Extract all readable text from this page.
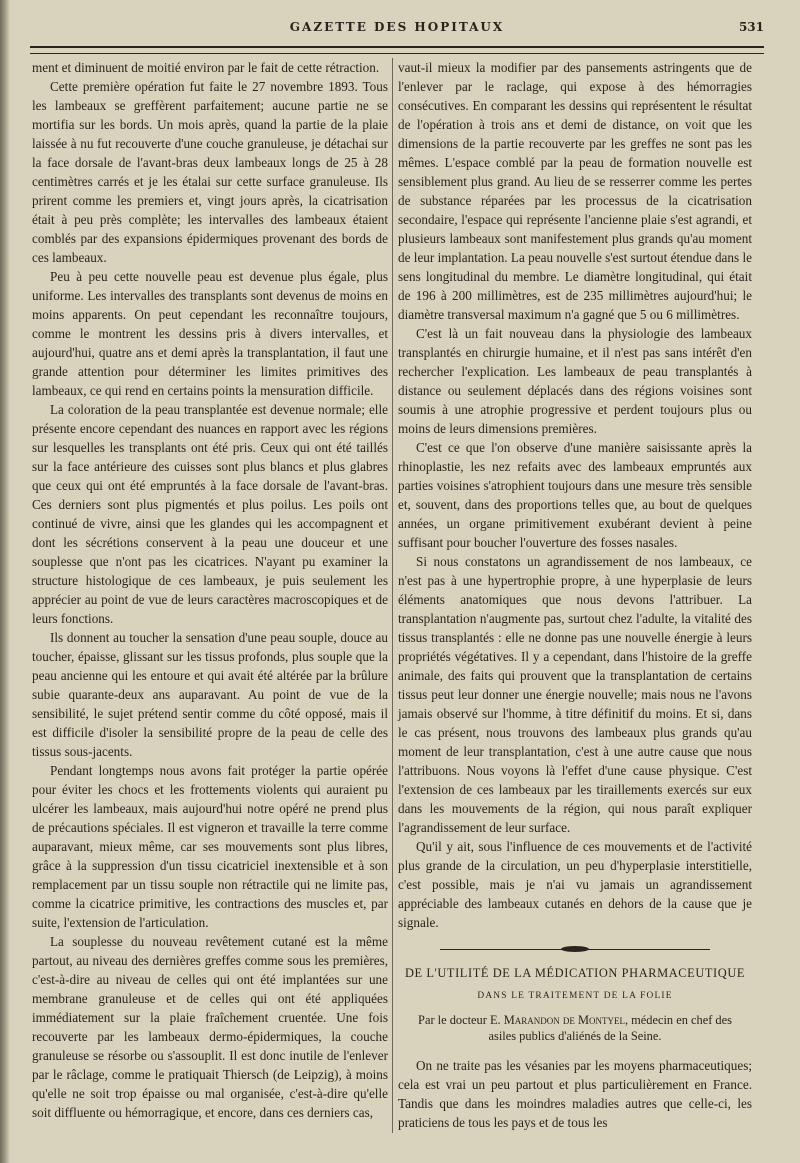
GAZETTE DES HOPITAUX	531

ment et diminuent de moitié environ par le fait de cette rétraction.

Cette première opération fut faite le 27 novembre 1893. Tous les lambeaux se greffèrent parfaitement; aucune partie ne se mortifia sur les bords. Un mois après, quand la partie de la plaie laissée à nu fut recouverte d'une couche granuleuse, je détachai sur la face dorsale de l'avant-bras deux lambeaux longs de 25 à 28 centimètres carrés et je les étalai sur cette surface granuleuse. Ils prirent comme les premiers et, vingt jours après, la cicatrisation était à peu près complète; les intervalles des lambeaux étaient comblés par des expansions épidermiques provenant des bords de ces lambeaux.

Peu à peu cette nouvelle peau est devenue plus égale, plus uniforme. Les intervalles des transplants sont devenus de moins en moins apparents. On peut cependant les reconnaître toujours, comme le montrent les dessins pris à divers intervalles, et aujourd'hui, quatre ans et demi après la transplantation, il faut une grande attention pour déterminer les limites primitives des lambeaux, ce qui rend en certains points la mensuration difficile.

La coloration de la peau transplantée est devenue normale; elle présente encore cependant des nuances en rapport avec les régions sur lesquelles les transplants ont été pris. Ceux qui ont été taillés sur la face antérieure des cuisses sont plus blancs et plus glabres que ceux qui ont été empruntés à la face dorsale de l'avant-bras. Ces derniers sont plus pigmentés et plus poilus. Les poils ont continué de vivre, ainsi que les glandes qui les accompagnent et dont les sécrétions conservent à la peau une douceur et une souplesse que n'ont pas les cicatrices. N'ayant pu examiner la structure histologique de ces lambeaux, je puis seulement les apprécier au point de vue de leurs caractères macroscopiques et de leurs fonctions.

Ils donnent au toucher la sensation d'une peau souple, douce au toucher, épaisse, glissant sur les tissus profonds, plus souple que la peau ancienne qui les entoure et qui avait été altérée par la brûlure subie quarante-deux ans auparavant. Au point de vue de la sensibilité, le sujet prétend sentir comme du côté opposé, mais il est difficile d'isoler la sensibilité propre de la peau de celle des tissus sous-jacents.

Pendant longtemps nous avons fait protéger la partie opérée pour éviter les chocs et les frottements violents qui auraient pu ulcérer les lambeaux, mais aujourd'hui notre opéré ne prend plus de précautions spéciales. Il est vigneron et travaille la terre comme auparavant, mieux même, car ses mouvements sont plus libres, grâce à la suppression d'un tissu cicatriciel inextensible et à son remplacement par un tissu souple non rétractile qui ne limite pas, comme la cicatrice primitive, les contractions des muscles et, par suite, l'extension de l'articulation.

La souplesse du nouveau revêtement cutané est la même partout, au niveau des dernières greffes comme sous les premières, c'est-à-dire au niveau de celles qui ont été implantées sur une membrane granuleuse et de celles qui ont été appliquées immédiatement sur la plaie fraîchement cruentée. Une fois recouverte par les lambeaux dermo-épidermiques, la couche granuleuse se résorbe ou s'assouplit. Il est donc inutile de l'enlever par le râclage, comme le pratiquait Thiersch (de Leipzig), à moins qu'elle ne soit trop épaisse ou mal organisée, c'est-à-dire qu'elle soit diffluente ou hémorragique, et encore, dans ces derniers cas,

vaut-il mieux la modifier par des pansements astringents que de l'enlever par le raclage, qui expose à des hémorragies consécutives. En comparant les dessins qui représentent le résultat de l'opération à trois ans et demi de distance, on voit que les dimensions de la partie recouverte par les greffes ne sont pas les mêmes. L'espace comblé par la peau de formation nouvelle est sensiblement plus grand. Au lieu de se resserrer comme les pertes de substance réparées par les processus de la cicatrisation secondaire, l'espace qui représente l'ancienne plaie s'est agrandi, et plusieurs lambeaux sont manifestement plus grands qu'au moment de leur implantation. La peau nouvelle s'est surtout étendue dans le sens longitudinal du membre. Le diamètre longitudinal, qui était de 196 à 200 millimètres, est de 235 millimètres aujourd'hui; le diamètre transversal maximum n'a gagné que 5 ou 6 millimètres.

C'est là un fait nouveau dans la physiologie des lambeaux transplantés en chirurgie humaine, et il n'est pas sans intérêt d'en rechercher l'explication. Les lambeaux de peau transplantés à distance ou seulement déplacés dans des régions voisines sont soumis à une atrophie progressive et perdent toujours plus ou moins de leurs dimensions premières.

C'est ce que l'on observe d'une manière saisissante après la rhinoplastie, les nez refaits avec des lambeaux empruntés aux parties voisines s'atrophient toujours dans une mesure très sensible et, souvent, dans des proportions telles que, au bout de quelques années, un organe primitivement exubérant devient à peine suffisant pour boucher l'ouverture des fosses nasales.

Si nous constatons un agrandissement de nos lambeaux, ce n'est pas à une hypertrophie propre, à une hyperplasie de leurs éléments anatomiques que nous devons l'attribuer. La transplantation n'augmente pas, surtout chez l'adulte, la vitalité des tissus transplantés : elle ne donne pas une nouvelle énergie à leurs propriétés végétatives. Il y a cependant, dans l'histoire de la greffe animale, des faits qui prouvent que la transplantation de certains tissus peut leur donner une énergie nouvelle; mais nous ne l'avons jamais observé sur l'homme, à titre définitif du moins. Et si, dans le cas présent, nous trouvons des lambeaux plus grands qu'au moment de leur transplantation, c'est à une autre cause que nous l'attribuons. Nous voyons là l'effet d'une cause physique. C'est l'extension de ces lambeaux par les tiraillements exercés sur eux dans les mouvements de la région, qui nous paraît expliquer l'agrandissement de leur surface.

Qu'il y ait, sous l'influence de ces mouvements et de l'activité plus grande de la circulation, un peu d'hyperplasie interstitielle, c'est possible, mais je n'ai vu jamais un agrandissement appréciable des lambeaux cutanés en dehors de la cause que je signale.

DE L'UTILITÉ DE LA MÉDICATION PHARMACEUTIQUE
DANS LE TRAITEMENT DE LA FOLIE
Par le docteur E. Marandon de Montyel, médecin en chef des asiles publics d'aliénés de la Seine.

On ne traite pas les vésanies par les moyens pharmaceutiques; cela est vrai un peu partout et plus particulièrement en France. Tandis que dans les moindres maladies autres que celle-ci, les praticiens de tous les pays et de tous les
